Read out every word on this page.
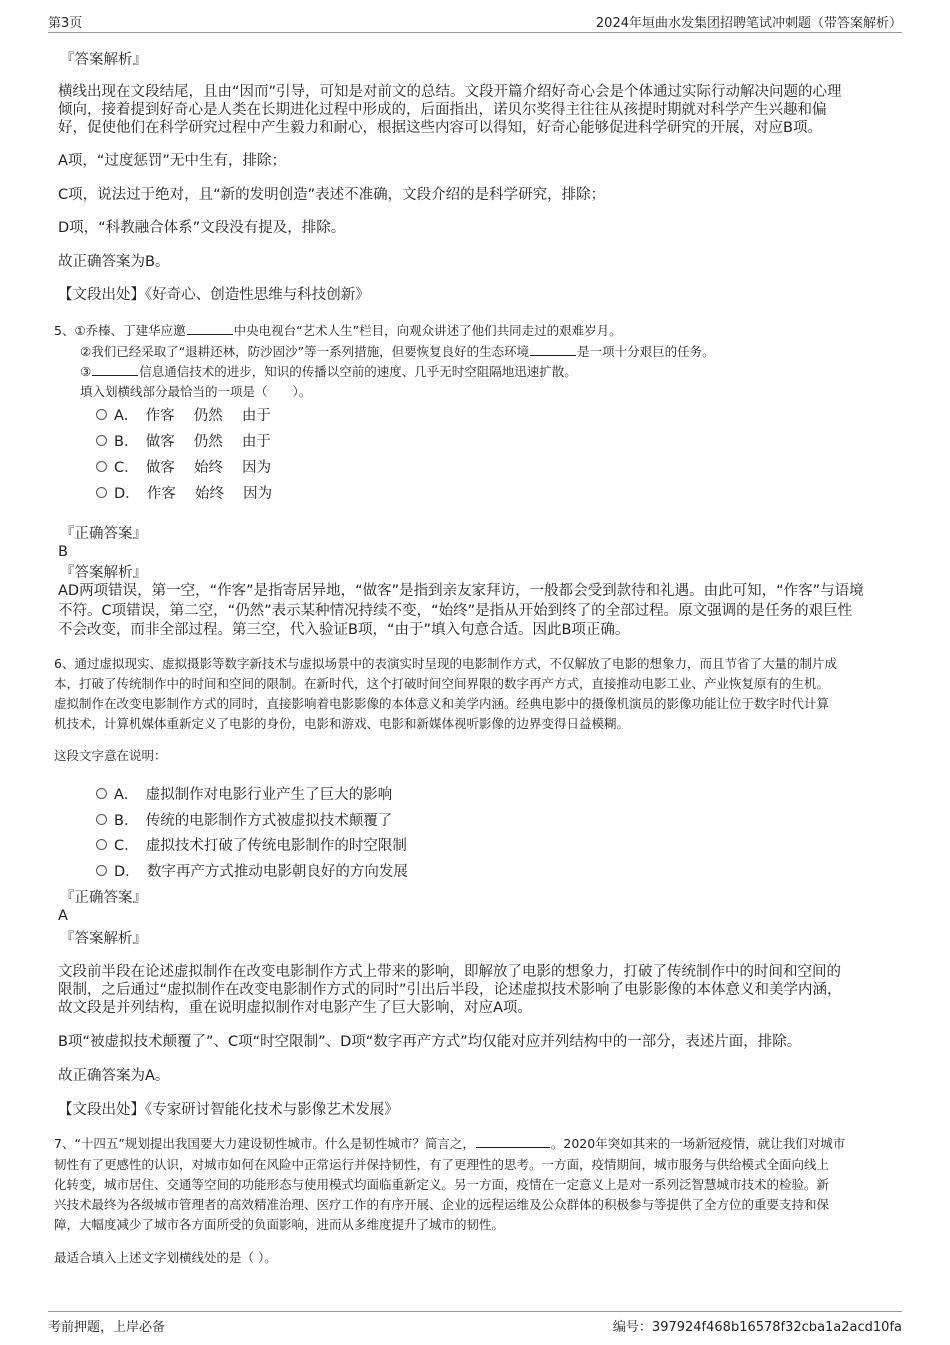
第3页	2024年垣曲水发集团招聘笔试冲刺题（带答案解析）
『答案解析』
横线出现在文段结尾，且由“因而”引导，可知是对前文的总结。文段开篇介绍好奇心会是个体通过实际行动解决问题的心理
倾向，接着提到好奇心是人类在长期进化过程中形成的，后面指出，诺贝尔奖得主往往从孩提时期就对科学产生兴趣和偏
好，促使他们在科学研究过程中产生毅力和耐心，根据这些内容可以得知，好奇心能够促进科学研究的开展，对应B项。
A项，“过度惩罚”无中生有，排除；
C项，说法过于绝对，且“新的发明创造”表述不准确，文段介绍的是科学研究，排除；
D项，“科教融合体系”文段没有提及，排除。
故正确答案为B。
【文段出处】《好奇心、创造性思维与科技创新》
5、①乔榛、丁建华应邀	中央电视台“艺术人生”栏目，向观众讲述了他们共同走过的艰难岁月。
②我们已经采取了“退耕还林，防沙固沙”等一系列措施，但要恢复良好的生态环境	是一项十分艰巨的任务。
③	信息通信技术的进步，知识的传播以空前的速度、几乎无时空阻隔地迅速扩散。
填入划横线部分最恰当的一项是（　　）。
A．　作客　 仍然　 由于
B．　做客　 仍然　 由于
C．　做客　 始终　 因为
D．　作客　 始终　 因为
『正确答案』
B
『答案解析』
AD两项错误，第一空，“作客”是指寄居异地，“做客”是指到亲友家拜访，一般都会受到款待和礼遇。由此可知，“作客”与语境
不符。C项错误，第二空，“仍然”表示某种情况持续不变，“始终”是指从开始到终了的全部过程。原文强调的是任务的艰巨性
不会改变，而非全部过程。第三空，代入验证B项，“由于”填入句意合适。因此B项正确。
6、通过虚拟现实、虚拟摄影等数字新技术与虚拟场景中的表演实时呈现的电影制作方式，不仅解放了电影的想象力，而且节省了大量的制片成
本，打破了传统制作中的时间和空间的限制。在新时代，这个打破时间空间界限的数字再产方式，直接推动电影工业、产业恢复原有的生机。
虚拟制作在改变电影制作方式的同时，直接影响着电影影像的本体意义和美学内涵。经典电影中的摄像机演员的影像功能让位于数字时代计算
机技术，计算机媒体重新定义了电影的身份，电影和游戏、电影和新媒体视听影像的边界变得日益模糊。
这段文字意在说明：
A．　虚拟制作对电影行业产生了巨大的影响
B．　传统的电影制作方式被虚拟技术颠覆了
C．　虚拟技术打破了传统电影制作的时空限制
D．　数字再产方式推动电影朝良好的方向发展
『正确答案』
A
『答案解析』
文段前半段在论述虚拟制作在改变电影制作方式上带来的影响，即解放了电影的想象力，打破了传统制作中的时间和空间的
限制，之后通过“虚拟制作在改变电影制作方式的同时”引出后半段，论述虚拟技术影响了电影影像的本体意义和美学内涵，
故文段是并列结构，重在说明虚拟制作对电影产生了巨大影响，对应A项。
B项“被虚拟技术颠覆了”、C项“时空限制”、D项“数字再产方式”均仅能对应并列结构中的一部分，表述片面，排除。
故正确答案为A。
【文段出处】《专家研讨智能化技术与影像艺术发展》
7、“十四五”规划提出我国要大力建设韧性城市。什么是韧性城市？简言之，	。2020年突如其来的一场新冠疫情，就让我们对城市
韧性有了更感性的认识，对城市如何在风险中正常运行并保持韧性，有了更理性的思考。一方面，疫情期间，城市服务与供给模式全面向线上
化转变，城市居住、交通等空间的功能形态与使用模式均面临重新定义。另一方面，疫情在一定意义上是对一系列泛智慧城市技术的检验。新
兴技术最终为各级城市管理者的高效精准治理、医疗工作的有序开展、企业的远程运维及公众群体的积极参与等提供了全方位的重要支持和保
障，大幅度减少了城市各方面所受的负面影响，进而从多维度提升了城市的韧性。
最适合填入上述文字划横线处的是（ ）。
考前押题，上岸必备	编号：397924f468b16578f32cba1a2acd10fa
